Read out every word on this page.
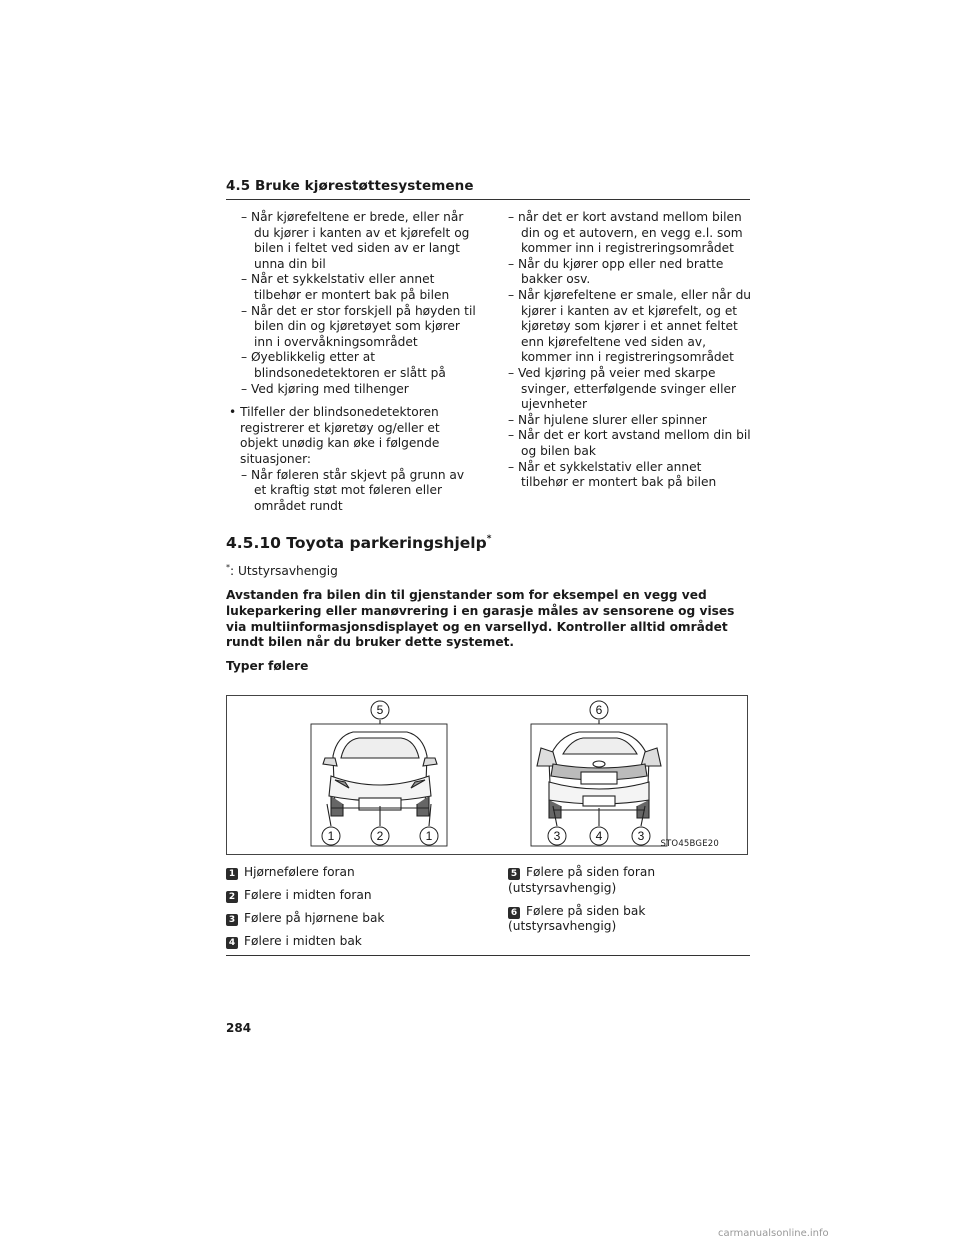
4.5 Bruke kjørestøttesystemene
– Når kjørefeltene er brede, eller når du kjører i kanten av et kjørefelt og bilen i feltet ved siden av er langt unna din bil
– Når et sykkelstativ eller annet tilbehør er montert bak på bilen
– Når det er stor forskjell på høyden til bilen din og kjøretøyet som kjører inn i overvåkningsområdet
– Øyeblikkelig etter at blindsonedetektoren er slått på
– Ved kjøring med tilhenger
• Tilfeller der blindsonedetektoren registrerer et kjøretøy og/eller et objekt unødig kan øke i følgende situasjoner:
– Når føleren står skjevt på grunn av et kraftig støt mot føleren eller området rundt
– når det er kort avstand mellom bilen din og et autovern, en vegg e.l. som kommer inn i registreringsområdet
– Når du kjører opp eller ned bratte bakker osv.
– Når kjørefeltene er smale, eller når du kjører i kanten av et kjørefelt, og et kjøretøy som kjører i et annet feltet enn kjørefeltene ved siden av, kommer inn i registreringsområdet
– Ved kjøring på veier med skarpe svinger, etterfølgende svinger eller ujevnheter
– Når hjulene slurer eller spinner
– Når det er kort avstand mellom din bil og bilen bak
– Når et sykkelstativ eller annet tilbehør er montert bak på bilen
4.5.10 Toyota parkeringshjelp*
*: Utstyrsavhengig
Avstanden fra bilen din til gjenstander som for eksempel en vegg ved lukeparkering eller manøvrering i en garasje måles av sensorene og vises via multiinformasjonsdisplayet og en varsellyd. Kontroller alltid området rundt bilen når du bruker dette systemet.
Typer følere
5
1	2	1
6
3	4	3
STO45BGE20
1 Hjørnefølere foran
2 Følere i midten foran
3 Følere på hjørnene bak
4 Følere i midten bak
5 Følere på siden foran (utstyrsavhengig)
6 Følere på siden bak (utstyrsavhengig)
284
carmanualsonline.info
